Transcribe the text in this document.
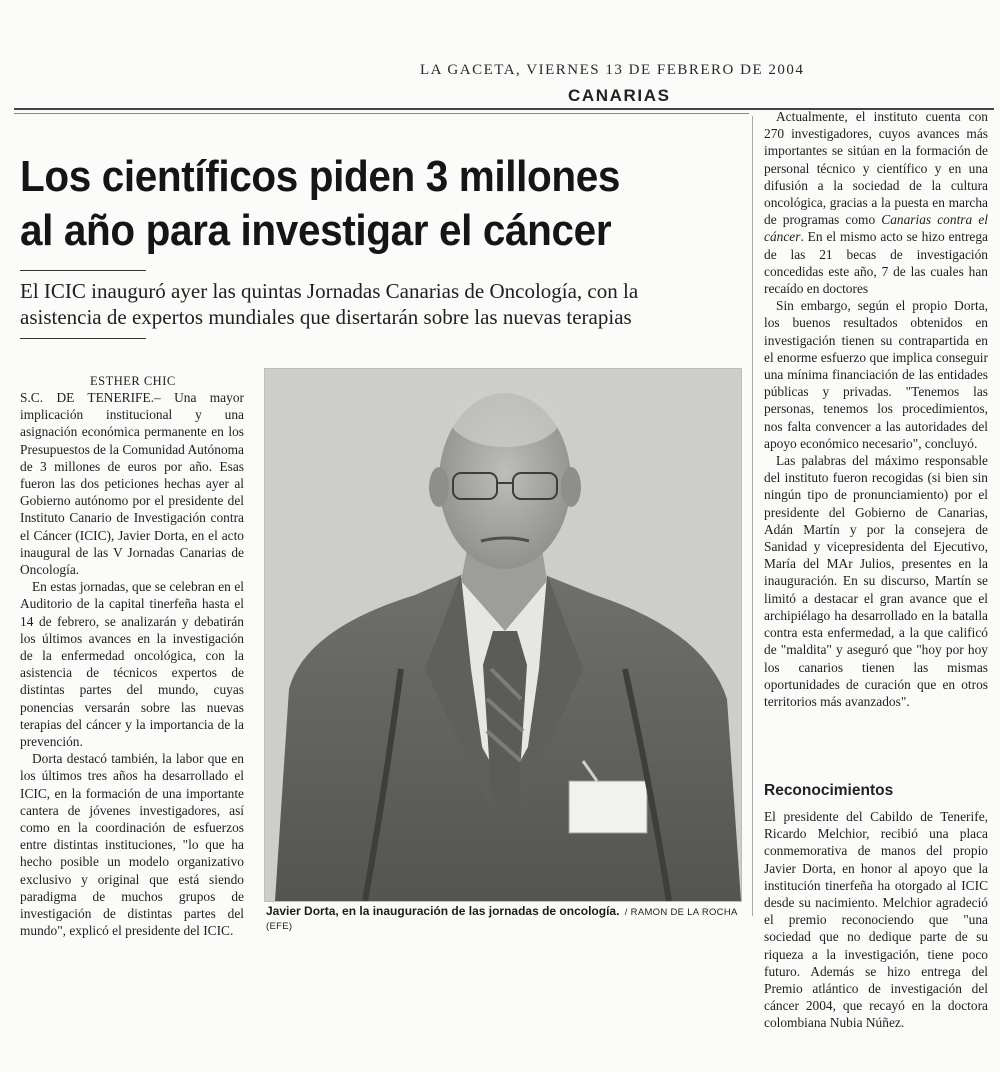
LA GACETA, VIERNES 13 DE FEBRERO DE 2004
CANARIAS
Los científicos piden 3 millones
al año para investigar el cáncer

El ICIC inauguró ayer las quintas Jornadas Canarias de Oncología, con la
asistencia de expertos mundiales que disertarán sobre las nuevas terapias

ESTHER CHIC

S.C. DE TENERIFE.– Una mayor implicación institucional y una asignación económica permanente en los Presupuestos de la Comunidad Autónoma de 3 millones de euros por año. Esas fueron las dos peticiones hechas ayer al Gobierno autónomo por el presidente del Instituto Canario de Investigación contra el Cáncer (ICIC), Javier Dorta, en el acto inaugural de las V Jornadas Canarias de Oncología.

En estas jornadas, que se celebran en el Auditorio de la capital tinerfeña hasta el 14 de febrero, se analizarán y debatirán los últimos avances en la investigación de la enfermedad oncológica, con la asistencia de técnicos expertos de distintas partes del mundo, cuyas ponencias versarán sobre las nuevas terapias del cáncer y la importancia de la prevención.

Dorta destacó también, la labor que en los últimos tres años ha desarrollado el ICIC, en la formación de una importante cantera de jóvenes investigadores, así como en la coordinación de esfuerzos entre distintas instituciones, "lo que ha hecho posible un modelo organizativo exclusivo y original que está siendo paradigma de muchos grupos de investigación de distintas partes del mundo", explicó el presidente del ICIC.

Javier Dorta, en la inauguración de las jornadas de oncología. / RAMON DE LA ROCHA (EFE)

Actualmente, el instituto cuenta con 270 investigadores, cuyos avances más importantes se sitúan en la formación de personal técnico y científico y en una difusión a la sociedad de la cultura oncológica, gracias a la puesta en marcha de programas como Canarias contra el cáncer. En el mismo acto se hizo entrega de las 21 becas de investigación concedidas este año, 7 de las cuales han recaído en doctores

Sin embargo, según el propio Dorta, los buenos resultados obtenidos en investigación tienen su contrapartida en el enorme esfuerzo que implica conseguir una mínima financiación de las entidades públicas y privadas. "Tenemos las personas, tenemos los procedimientos, nos falta convencer a las autoridades del apoyo económico necesario", concluyó.

Las palabras del máximo responsable del instituto fueron recogidas (si bien sin ningún tipo de pronunciamiento) por el presidente del Gobierno de Canarias, Adán Martín y por la consejera de Sanidad y vicepresidenta del Ejecutivo, María del MAr Julios, presentes en la inauguración. En su discurso, Martín se limitó a destacar el gran avance que el archipiélago ha desarrollado en la batalla contra esta enfermedad, a la que calificó de "maldita" y aseguró que "hoy por hoy los canarios tienen las mismas oportunidades de curación que en otros territorios más avanzados".

Reconocimientos

El presidente del Cabildo de Tenerife, Ricardo Melchior, recibió una placa conmemorativa de manos del propio Javier Dorta, en honor al apoyo que la institución tinerfeña ha otorgado al ICIC desde su nacimiento. Melchior agradeció el premio reconociendo que "una sociedad que no dedique parte de su riqueza a la investigación, tiene poco futuro. Además se hizo entrega del Premio atlántico de investigación del cáncer 2004, que recayó en la doctora colombiana Nubia Núñez.
